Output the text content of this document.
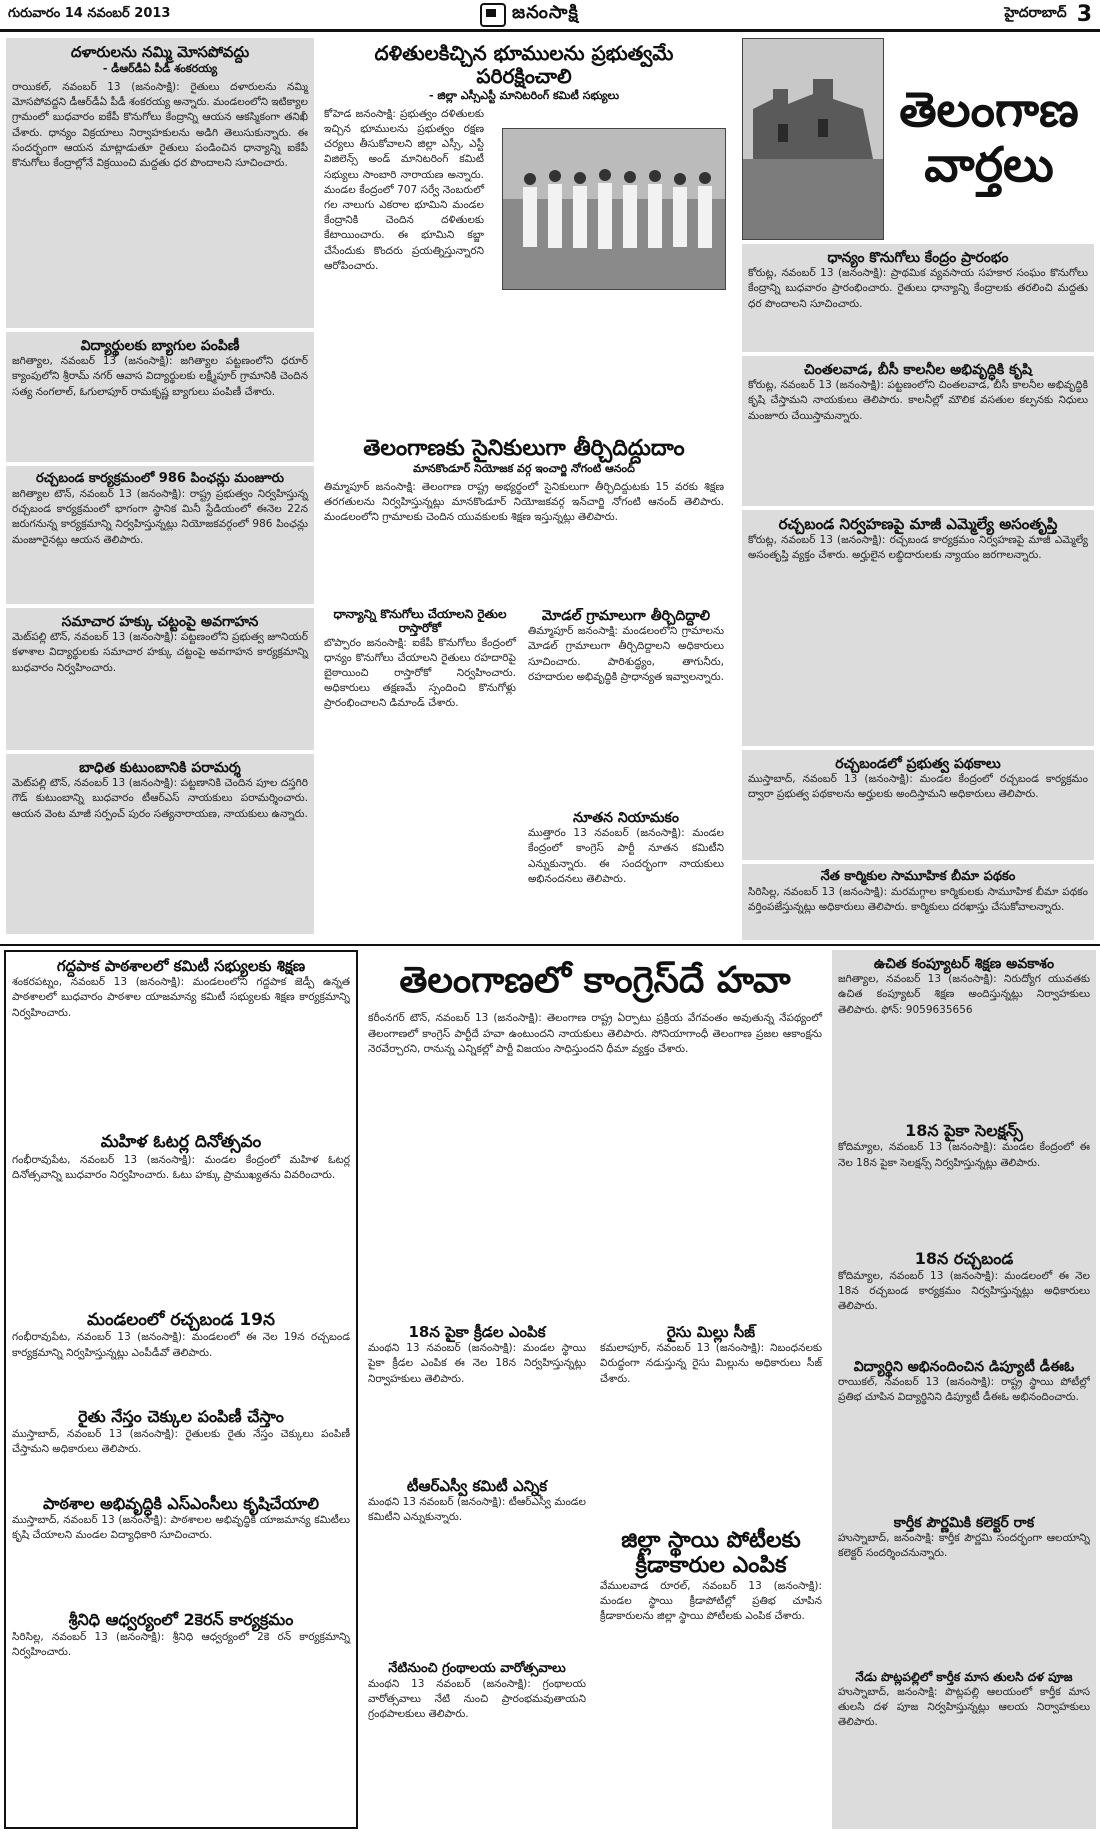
గురువారం 14 నవంబర్ 2013	జనంసాక్షి	హైదరాబాద్ 3
దళారులను నమ్మి మోసపోవద్దు
- డీఆర్‌డీఏ పీడీ శంకరయ్య
రాయికల్, నవంబర్ 13 (జనంసాక్షి): రైతులు దళారులను నమ్మి మోసపోవద్దని డీఆర్‌డీఏ పీడీ శంకరయ్య అన్నారు. మండలంలోని ఇటిక్యాల గ్రామంలో బుధవారం ఐకేపీ కొనుగోలు కేంద్రాన్ని ఆయన ఆకస్మికంగా తనిఖీ చేశారు. ధాన్యం విక్రయాలు నిర్వాహకులను అడిగి తెలుసుకున్నారు. ఈ సందర్భంగా ఆయన మాట్లాడుతూ రైతులు పండించిన ధాన్యాన్ని ఐకేపీ కొనుగోలు కేంద్రాల్లోనే విక్రయించి మద్దతు ధర పొందాలని సూచించారు.
విద్యార్థులకు బ్యాగుల పంపిణీ
జగిత్యాల, నవంబర్ 13 (జనంసాక్షి): జగిత్యాల పట్టణంలోని ధరూర్ క్యాంపులోని శ్రీరామ్ నగర్ ఆవాస విద్యార్థులకు లక్ష్మీపూర్ గ్రామానికి చెందిన సత్య నంగలాల్, ఓగులాపూర్ రామకృష్ణ బ్యాగులు పంపిణీ చేశారు.
రచ్చబండ కార్యక్రమంలో 986 పింఛన్లు మంజూరు
జగిత్యాల టౌన్, నవంబర్ 13 (జనంసాక్షి): రాష్ట్ర ప్రభుత్వం నిర్వహిస్తున్న రచ్చబండ కార్యక్రమంలో భాగంగా స్థానిక మినీ స్టేడియంలో ఈనెల 22న జరుగనున్న కార్యక్రమాన్ని నిర్వహిస్తున్నట్లు నియోజకవర్గంలో 986 పింఛన్లు మంజూరైనట్లు ఆయన తెలిపారు.
సమాచార హక్కు చట్టంపై అవగాహన
మెట్‌పల్లి టౌన్, నవంబర్ 13 (జనంసాక్షి): పట్టణంలోని ప్రభుత్వ జూనియర్ కళాశాల విద్యార్థులకు సమాచార హక్కు చట్టంపై అవగాహన కార్యక్రమాన్ని బుధవారం నిర్వహించారు.
బాధిత కుటుంబానికి పరామర్శ
మెట్‌పల్లి టౌన్, నవంబర్ 13 (జనంసాక్షి): పట్టణానికి చెందిన పూల దస్తగిరి గౌడ్ కుటుంబాన్ని బుధవారం టీఆర్ఎస్ నాయకులు పరామర్శించారు. ఆయన వెంట మాజీ సర్పంచ్ పురం సత్యనారాయణ, నాయకులు ఉన్నారు.
దళితులకిచ్చిన భూములను ప్రభుత్వమే పరిరక్షించాలి
- జిల్లా ఎస్సీఎస్టీ మానిటరింగ్ కమిటీ సభ్యులు
కోహెడ జనంసాక్షి: ప్రభుత్వం దళితులకు ఇచ్చిన భూములను ప్రభుత్వం రక్షణ చర్యలు తీసుకోవాలని జిల్లా ఎస్సీ, ఎస్టీ విజిలెన్స్ అండ్ మానిటరింగ్ కమిటీ సభ్యులు సాంబారి నారాయణ అన్నారు. మండల కేంద్రంలో 707 సర్వే నెంబరులో గల నాలుగు ఎకరాల భూమిని మండల కేంద్రానికి చెందిన దళితులకు కేటాయించారు. ఈ భూమిని కబ్జా చేసేందుకు కొందరు ప్రయత్నిస్తున్నారని ఆరోపించారు.
తెలంగాణకు సైనికులుగా తీర్చిదిద్దుదాం
మానకొండూర్ నియోజక వర్గ ఇంచార్జి నోగంటి ఆనంద్
తిమ్మాపూర్ జనంసాక్షి: తెలంగాణ రాష్ట్ర అభ్యర్థంలో సైనికులుగా తీర్చిదిద్దుటకు 15 వరకు శిక్షణ తరగతులను నిర్వహిస్తున్నట్లు మానకొండూర్ నియోజకవర్గ ఇన్‌చార్జి నోగంటి ఆనంద్ తెలిపారు. మండలంలోని గ్రామాలకు చెందిన యువకులకు శిక్షణ ఇస్తున్నట్లు తెలిపారు.
ధాన్యాన్ని కొనుగోలు చేయాలని రైతుల రాస్తారోకో
బొప్పారం జనంసాక్షి: ఐకేపీ కొనుగోలు కేంద్రంలో ధాన్యం కొనుగోలు చేయాలని రైతులు రహదారిపై బైఠాయించి రాస్తారోకో నిర్వహించారు. అధికారులు తక్షణమే స్పందించి కొనుగోళ్లు ప్రారంభించాలని డిమాండ్ చేశారు.
మోడల్ గ్రామాలుగా తీర్చిదిద్దాలి
తిమ్మాపూర్ జనంసాక్షి: మండలంలోని గ్రామాలను మోడల్ గ్రామాలుగా తీర్చిదిద్దాలని అధికారులు సూచించారు. పారిశుద్ధ్యం, తాగునీరు, రహదారుల అభివృద్ధికి ప్రాధాన్యత ఇవ్వాలన్నారు.
నూతన నియామకం
ముత్తారం 13 నవంబర్ (జనంసాక్షి): మండల కేంద్రంలో కాంగ్రెస్ పార్టీ నూతన కమిటీని ఎన్నుకున్నారు. ఈ సందర్భంగా నాయకులు అభినందనలు తెలిపారు.
తెలంగాణ
వార్తలు
ధాన్యం కొనుగోలు కేంద్రం ప్రారంభం
కోరుట్ల, నవంబర్ 13 (జనంసాక్షి): ప్రాథమిక వ్యవసాయ సహకార సంఘం కొనుగోలు కేంద్రాన్ని బుధవారం ప్రారంభించారు. రైతులు ధాన్యాన్ని కేంద్రాలకు తరలించి మద్దతు ధర పొందాలని సూచించారు.
చింతలవాడ, బీసీ కాలనీల అభివృద్ధికి కృషి
కోరుట్ల, నవంబర్ 13 (జనంసాక్షి): పట్టణంలోని చింతలవాడ, బీసీ కాలనీల అభివృద్ధికి కృషి చేస్తామని నాయకులు తెలిపారు. కాలనీల్లో మౌలిక వసతుల కల్పనకు నిధులు మంజూరు చేయిస్తామన్నారు.
రచ్చబండ నిర్వహణపై మాజీ ఎమ్మెల్యే అసంతృప్తి
కోరుట్ల, నవంబర్ 13 (జనంసాక్షి): రచ్చబండ కార్యక్రమం నిర్వహణపై మాజీ ఎమ్మెల్యే అసంతృప్తి వ్యక్తం చేశారు. అర్హులైన లబ్ధిదారులకు న్యాయం జరగాలన్నారు.
రచ్చబండలో ప్రభుత్వ పథకాలు
ముస్తాబాద్, నవంబర్ 13 (జనంసాక్షి): మండల కేంద్రంలో రచ్చబండ కార్యక్రమం ద్వారా ప్రభుత్వ పథకాలను అర్హులకు అందిస్తామని అధికారులు తెలిపారు.
నేత కార్మికుల సామూహిక బీమా పథకం
సిరిసిల్ల, నవంబర్ 13 (జనంసాక్షి): మరమగ్గాల కార్మికులకు సామూహిక బీమా పథకం వర్తింపజేస్తున్నట్లు అధికారులు తెలిపారు. కార్మికులు దరఖాస్తు చేసుకోవాలన్నారు.
గద్దపాక పాఠశాలలో కమిటీ సభ్యులకు శిక్షణ
శంకరపట్నం, నవంబర్ 13 (జనంసాక్షి): మండలంలోని గద్దపాక జెడ్పీ ఉన్నత పాఠశాలలో బుధవారం పాఠశాల యాజమాన్య కమిటీ సభ్యులకు శిక్షణ కార్యక్రమాన్ని నిర్వహించారు.
మహిళ ఓటర్ల దినోత్సవం
గంభీరావుపేట, నవంబర్ 13 (జనంసాక్షి): మండల కేంద్రంలో మహిళ ఓటర్ల దినోత్సవాన్ని బుధవారం నిర్వహించారు. ఓటు హక్కు ప్రాముఖ్యతను వివరించారు.
మండలంలో రచ్చబండ 19న
గంభీరావుపేట, నవంబర్ 13 (జనంసాక్షి): మండలంలో ఈ నెల 19న రచ్చబండ కార్యక్రమాన్ని నిర్వహిస్తున్నట్లు ఎంపీడీవో తెలిపారు.
రైతు నేస్తం చెక్కుల పంపిణీ చేస్తాం
ముస్తాబాద్, నవంబర్ 13 (జనంసాక్షి): రైతులకు రైతు నేస్తం చెక్కులు పంపిణీ చేస్తామని అధికారులు తెలిపారు.
పాఠశాల అభివృద్ధికి ఎస్ఎంసీలు కృషిచేయాలి
ముస్తాబాద్, నవంబర్ 13 (జనంసాక్షి): పాఠశాలల అభివృద్ధికి యాజమాన్య కమిటీలు కృషి చేయాలని మండల విద్యాధికారి సూచించారు.
శ్రీనిధి ఆధ్వర్యంలో 2కెరన్ కార్యక్రమం
సిరిసిల్ల, నవంబర్ 13 (జనంసాక్షి): శ్రీనిధి ఆధ్వర్యంలో 2కె రన్ కార్యక్రమాన్ని నిర్వహించారు.
తెలంగాణలో కాంగ్రెస్‌దే హవా
కరీంనగర్ టౌన్, నవంబర్ 13 (జనంసాక్షి): తెలంగాణ రాష్ట్ర ఏర్పాటు ప్రక్రియ వేగవంతం అవుతున్న నేపథ్యంలో తెలంగాణలో కాంగ్రెస్ పార్టీదే హవా ఉంటుందని నాయకులు తెలిపారు. సోనియాగాంధీ తెలంగాణ ప్రజల ఆకాంక్షను నెరవేర్చారని, రానున్న ఎన్నికల్లో పార్టీ విజయం సాధిస్తుందని ధీమా వ్యక్తం చేశారు.
18న పైకా క్రీడల ఎంపిక
మంథని 13 నవంబర్ (జనంసాక్షి): మండల స్థాయి పైకా క్రీడల ఎంపిక ఈ నెల 18న నిర్వహిస్తున్నట్లు నిర్వాహకులు తెలిపారు.
రైసు మిల్లు సీజ్
కమలాపూర్, నవంబర్ 13 (జనంసాక్షి): నిబంధనలకు విరుద్ధంగా నడుస్తున్న రైసు మిల్లును అధికారులు సీజ్ చేశారు.
టీఆర్ఎస్వీ కమిటీ ఎన్నిక
మంథని 13 నవంబర్ (జనంసాక్షి): టీఆర్ఎస్వీ మండల కమిటీని ఎన్నుకున్నారు.
నేటినుంచి గ్రంథాలయ వారోత్సవాలు
మంథని 13 నవంబర్ (జనంసాక్షి): గ్రంథాలయ వారోత్సవాలు నేటి నుంచి ప్రారంభమవుతాయని గ్రంథపాలకులు తెలిపారు.
జిల్లా స్థాయి పోటీలకు క్రీడాకారుల ఎంపిక
వేములవాడ రూరల్, నవంబర్ 13 (జనంసాక్షి): మండల స్థాయి క్రీడాపోటీల్లో ప్రతిభ చూపిన క్రీడాకారులను జిల్లా స్థాయి పోటీలకు ఎంపిక చేశారు.
ఉచిత కంప్యూటర్ శిక్షణ అవకాశం
జగిత్యాల, నవంబర్ 13 (జనంసాక్షి): నిరుద్యోగ యువతకు ఉచిత కంప్యూటర్ శిక్షణ అందిస్తున్నట్లు నిర్వాహకులు తెలిపారు. ఫోన్: 9059635656
18న పైకా సెలక్షన్స్
కోదిమ్యాల, నవంబర్ 13 (జనంసాక్షి): మండల కేంద్రంలో ఈ నెల 18న పైకా సెలక్షన్స్ నిర్వహిస్తున్నట్లు తెలిపారు.
18న రచ్చబండ
కోదిమ్యాల, నవంబర్ 13 (జనంసాక్షి): మండలంలో ఈ నెల 18న రచ్చబండ కార్యక్రమం నిర్వహిస్తున్నట్లు అధికారులు తెలిపారు.
విద్యార్థిని అభినందించిన డిప్యూటీ డీఈఓ
రాయికల్, నవంబర్ 13 (జనంసాక్షి): రాష్ట్ర స్థాయి పోటీల్లో ప్రతిభ చూపిన విద్యార్థినిని డిప్యూటీ డీఈఓ అభినందించారు.
కార్తీక పౌర్ణమికి కలెక్టర్ రాక
హుస్నాబాద్, జనంసాక్షి: కార్తీక పౌర్ణమి సందర్భంగా ఆలయాన్ని కలెక్టర్ సందర్శించనున్నారు.
నేడు పొట్లపల్లిలో కార్తీక మాస తులసి దళ పూజ
హుస్నాబాద్, జనంసాక్షి: పొట్లపల్లి ఆలయంలో కార్తీక మాస తులసి దళ పూజ నిర్వహిస్తున్నట్లు ఆలయ నిర్వాహకులు తెలిపారు.
